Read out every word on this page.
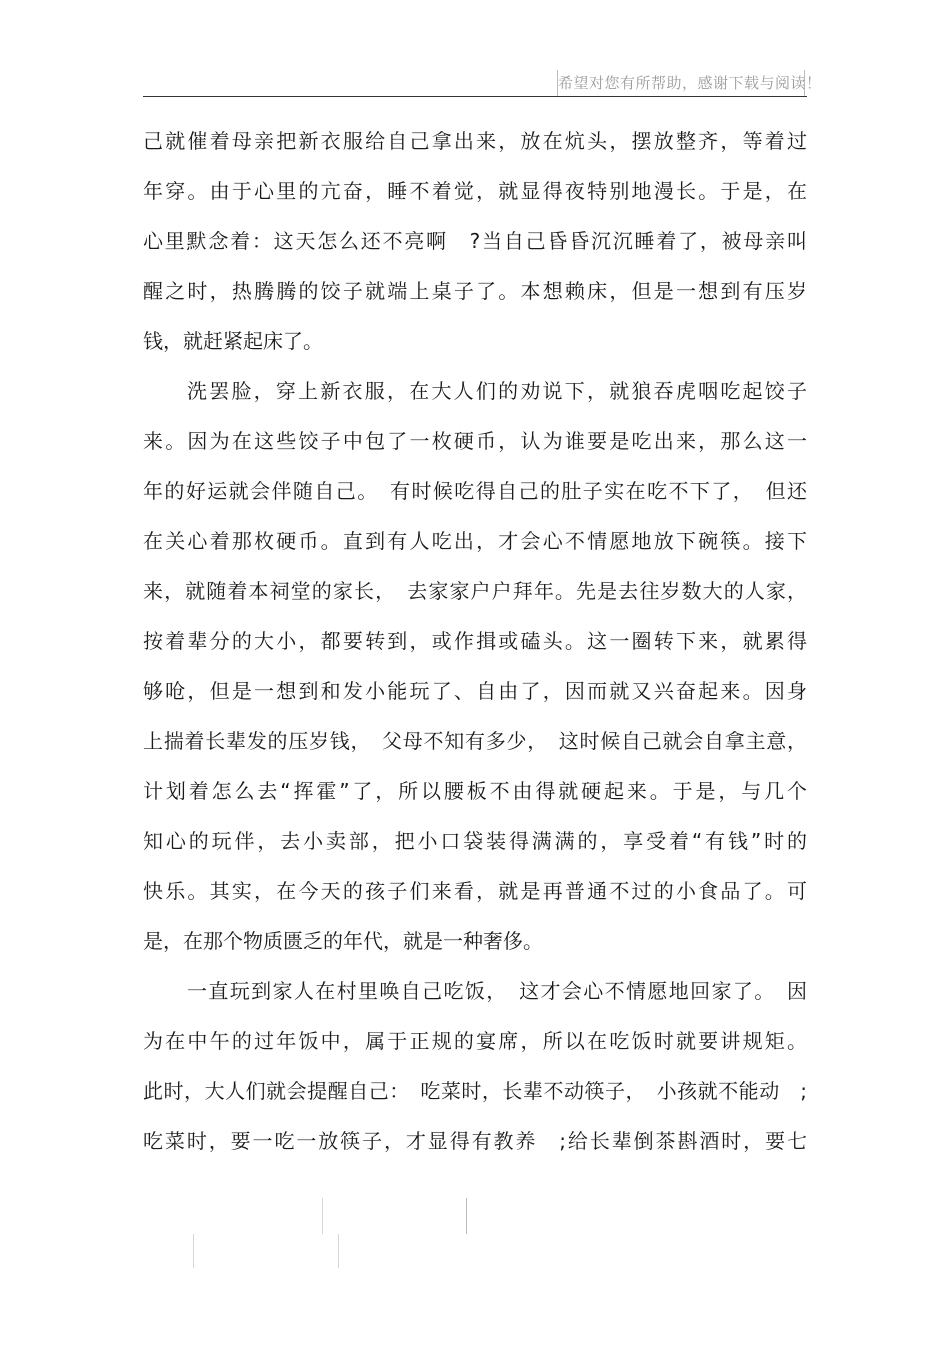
希望对您有所帮助，感谢下载与阅读！
己就催着母亲把新衣服给自己拿出来，放在炕头，摆放整齐，等着过
年穿。由于心里的亢奋，睡不着觉，就显得夜特别地漫长。于是，在
心里默念着：这天怎么还不亮啊　?当自己昏昏沉沉睡着了，被母亲叫
醒之时，热腾腾的饺子就端上桌子了。本想赖床，但是一想到有压岁
钱，就赶紧起床了。
洗罢脸，穿上新衣服，在大人们的劝说下，就狼吞虎咽吃起饺子
来。因为在这些饺子中包了一枚硬币，认为谁要是吃出来，那么这一
年的好运就会伴随自己。　有时候吃得自己的肚子实在吃不下了，　但还
在关心着那枚硬币。直到有人吃出，才会心不情愿地放下碗筷。接下
来，就随着本祠堂的家长，　去家家户户拜年。先是去往岁数大的人家，
按着辈分的大小，都要转到，或作揖或磕头。这一圈转下来，就累得
够呛，但是一想到和发小能玩了、自由了，因而就又兴奋起来。因身
上揣着长辈发的压岁钱，　父母不知有多少，　这时候自己就会自拿主意，
计划着怎么去“挥霍”了，所以腰板不由得就硬起来。于是，与几个
知心的玩伴，去小卖部，把小口袋装得满满的，享受着“有钱”时的
快乐。其实，在今天的孩子们来看，就是再普通不过的小食品了。可
是，在那个物质匮乏的年代，就是一种奢侈。
一直玩到家人在村里唤自己吃饭，　这才会心不情愿地回家了。　因
为在中午的过年饭中，属于正规的宴席，所以在吃饭时就要讲规矩。
此时，大人们就会提醒自己：　吃菜时，长辈不动筷子，　小孩就不能动　;
吃菜时，要一吃一放筷子，才显得有教养　;给长辈倒茶斟酒时，要七
